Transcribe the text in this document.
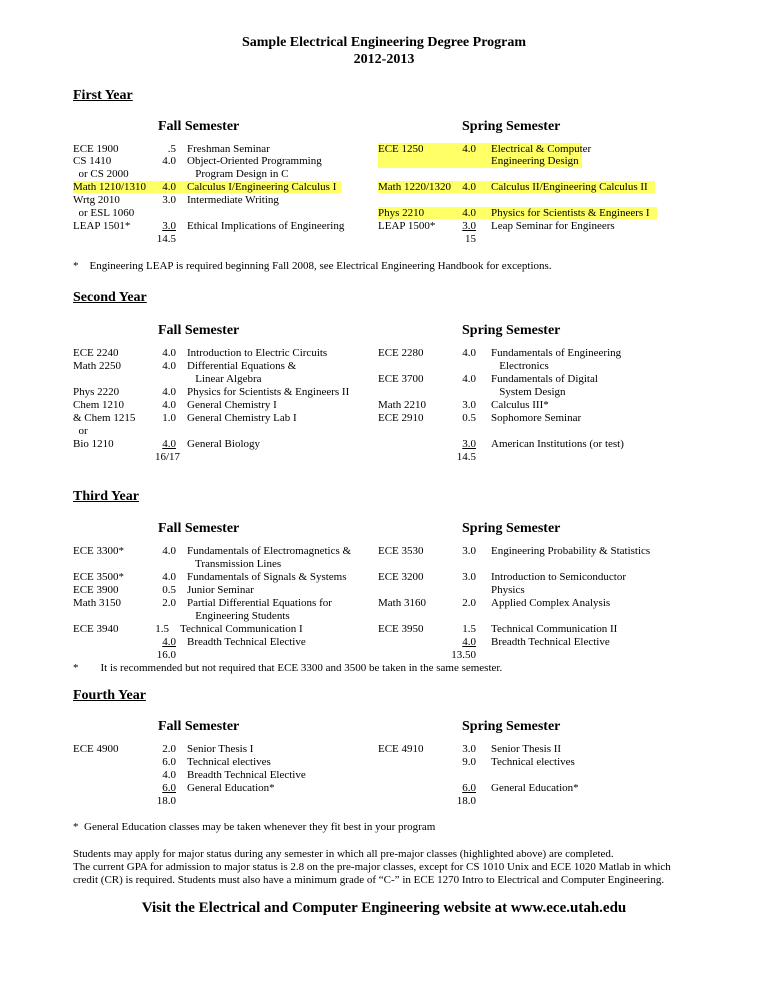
Sample Electrical Engineering Degree Program
2012-2013
First Year
Fall Semester	Spring Semester
ECE 1900	.5 Freshman Seminar
CS 1410	4.0 Object-Oriented Programming
or CS 2000	Program Design in C
Math 1210/1310	4.0 Calculus I/Engineering Calculus I
Wrtg 2010	3.0 Intermediate Writing
or ESL 1060
LEAP 1501*	3.0 Ethical Implications of Engineering
14.5
ECE 1250	4.0 Electrical & Computer
Engineering Design
Math 1220/1320	4.0 Calculus II/Engineering Calculus II
Phys 2210	4.0 Physics for Scientists & Engineers I
LEAP 1500*	3.0 Leap Seminar for Engineers
15
*    Engineering LEAP is required beginning Fall 2008, see Electrical Engineering Handbook for exceptions.
Second Year
Fall Semester	Spring Semester
ECE 2240	4.0 Introduction to Electric Circuits
Math 2250	4.0 Differential Equations &
Linear Algebra
Phys 2220	4.0 Physics for Scientists & Engineers II
Chem 1210	4.0 General Chemistry I
& Chem 1215	1.0 General Chemistry Lab I
or
Bio 1210	4.0 General Biology
16/17
ECE 2280	4.0 Fundamentals of Engineering
Electronics
ECE 3700	4.0 Fundamentals of Digital
System Design
Math 2210	3.0 Calculus III*
ECE 2910	0.5 Sophomore Seminar
3.0 American Institutions (or test)
14.5
Third Year
Fall Semester	Spring Semester
ECE 3300*	4.0 Fundamentals of Electromagnetics &
Transmission Lines
ECE 3500*	4.0 Fundamentals of Signals & Systems
ECE 3900	0.5 Junior Seminar
Math 3150	2.0 Partial Differential Equations for
Engineering Students
ECE 3940	1.5 Technical Communication I
4.0 Breadth Technical Elective
16.0
ECE 3530	3.0 Engineering Probability & Statistics
ECE 3200	3.0 Introduction to Semiconductor
Physics
Math 3160	2.0 Applied Complex Analysis
ECE 3950	1.5 Technical Communication II
4.0 Breadth Technical Elective
13.50
*        It is recommended but not required that ECE 3300 and 3500 be taken in the same semester.
Fourth Year
Fall Semester	Spring Semester
ECE 4900	2.0 Senior Thesis I
6.0 Technical electives
4.0 Breadth Technical Elective
6.0 General Education*
18.0
ECE 4910	3.0 Senior Thesis II
9.0 Technical electives
6.0 General Education*
18.0
*  General Education classes may be taken whenever they fit best in your program
Students may apply for major status during any semester in which all pre-major classes (highlighted above) are completed.
The current GPA for admission to major status is 2.8 on the pre-major classes, except for CS 1010 Unix and ECE 1020 Matlab in which
credit (CR) is required. Students must also have a minimum grade of “C-” in ECE 1270 Intro to Electrical and Computer Engineering.
Visit the Electrical and Computer Engineering website at www.ece.utah.edu
